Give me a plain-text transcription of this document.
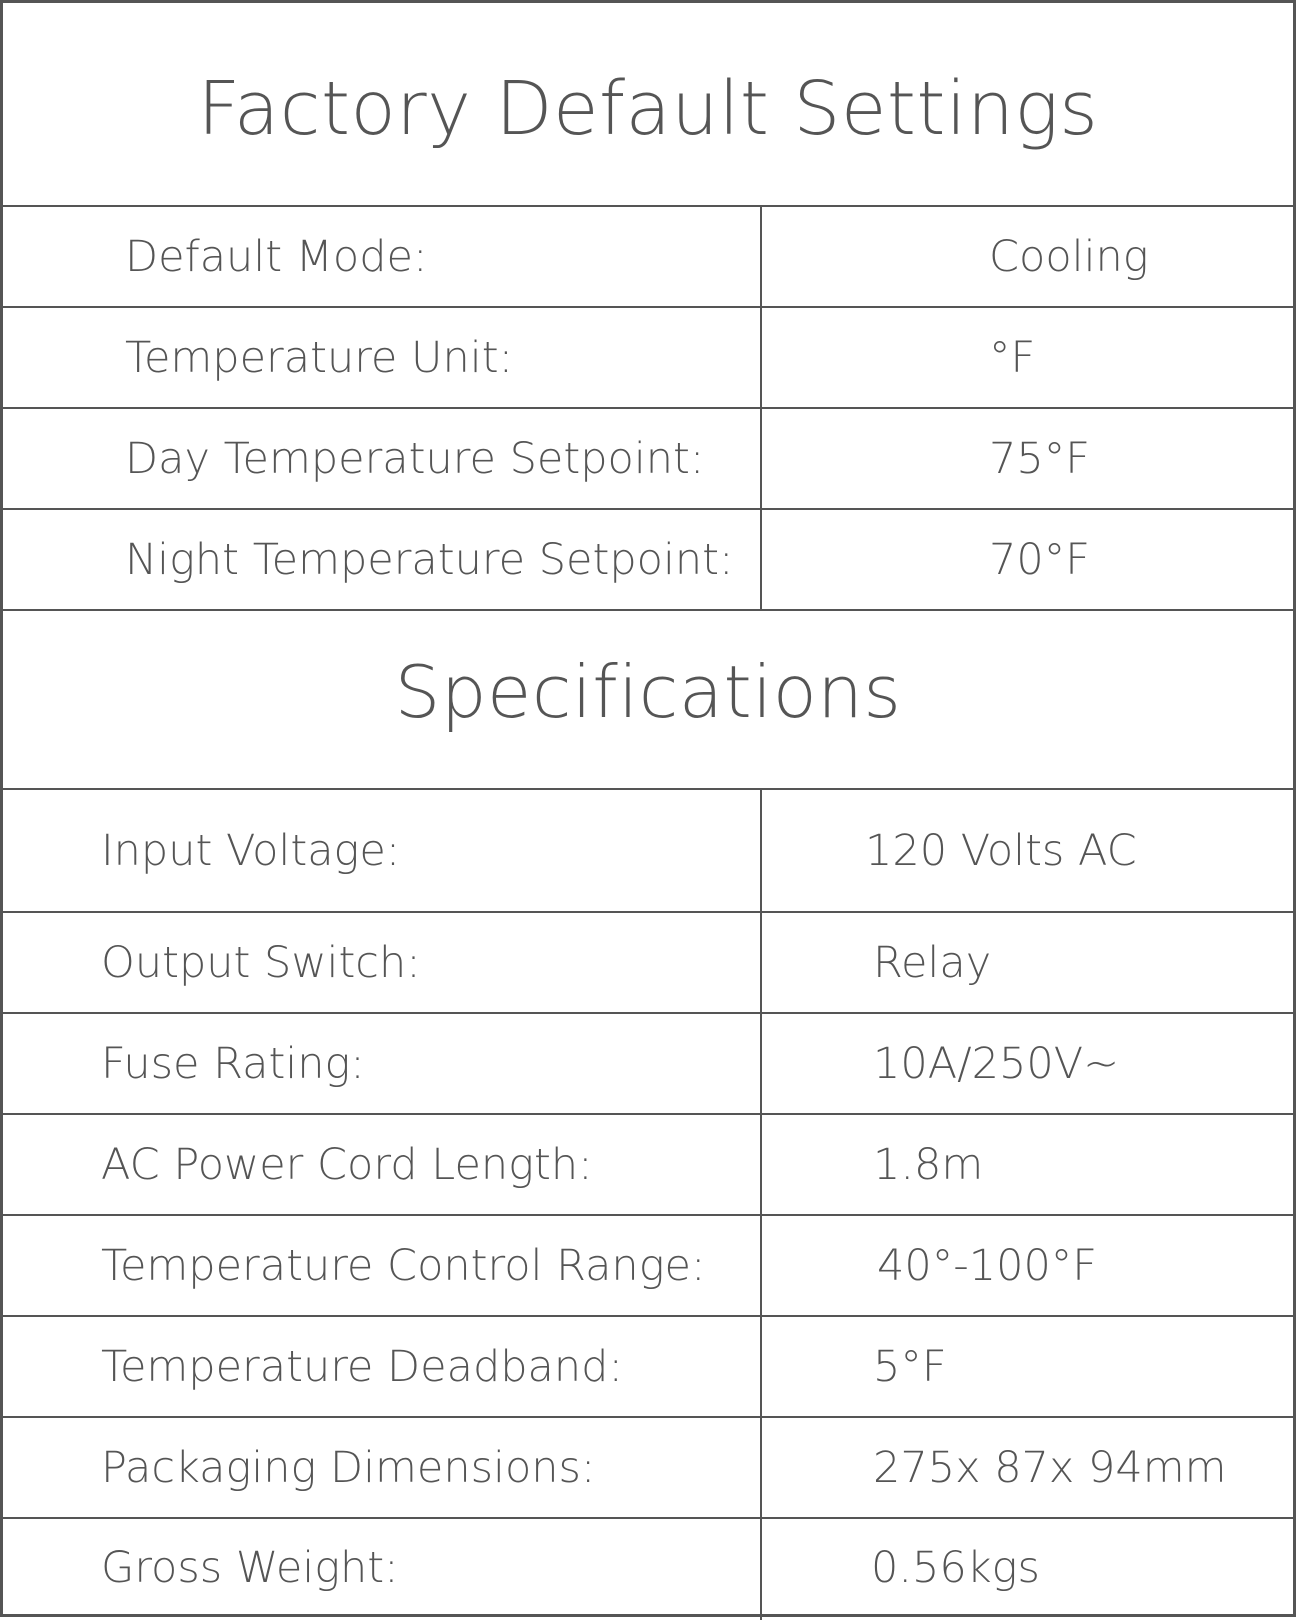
Factory Default Settings
Default Mode:	Cooling
Temperature Unit:	°F
Day Temperature Setpoint:	75°F
Night Temperature Setpoint:	70°F
Specifications
Input Voltage:	120 Volts AC
Output Switch:	Relay
Fuse Rating:	10A/250V~
AC Power Cord Length:	1.8m
Temperature Control Range:	40°-100°F
Temperature Deadband:	5°F
Packaging Dimensions:	275x 87x 94mm
Gross Weight:	0.56kgs
